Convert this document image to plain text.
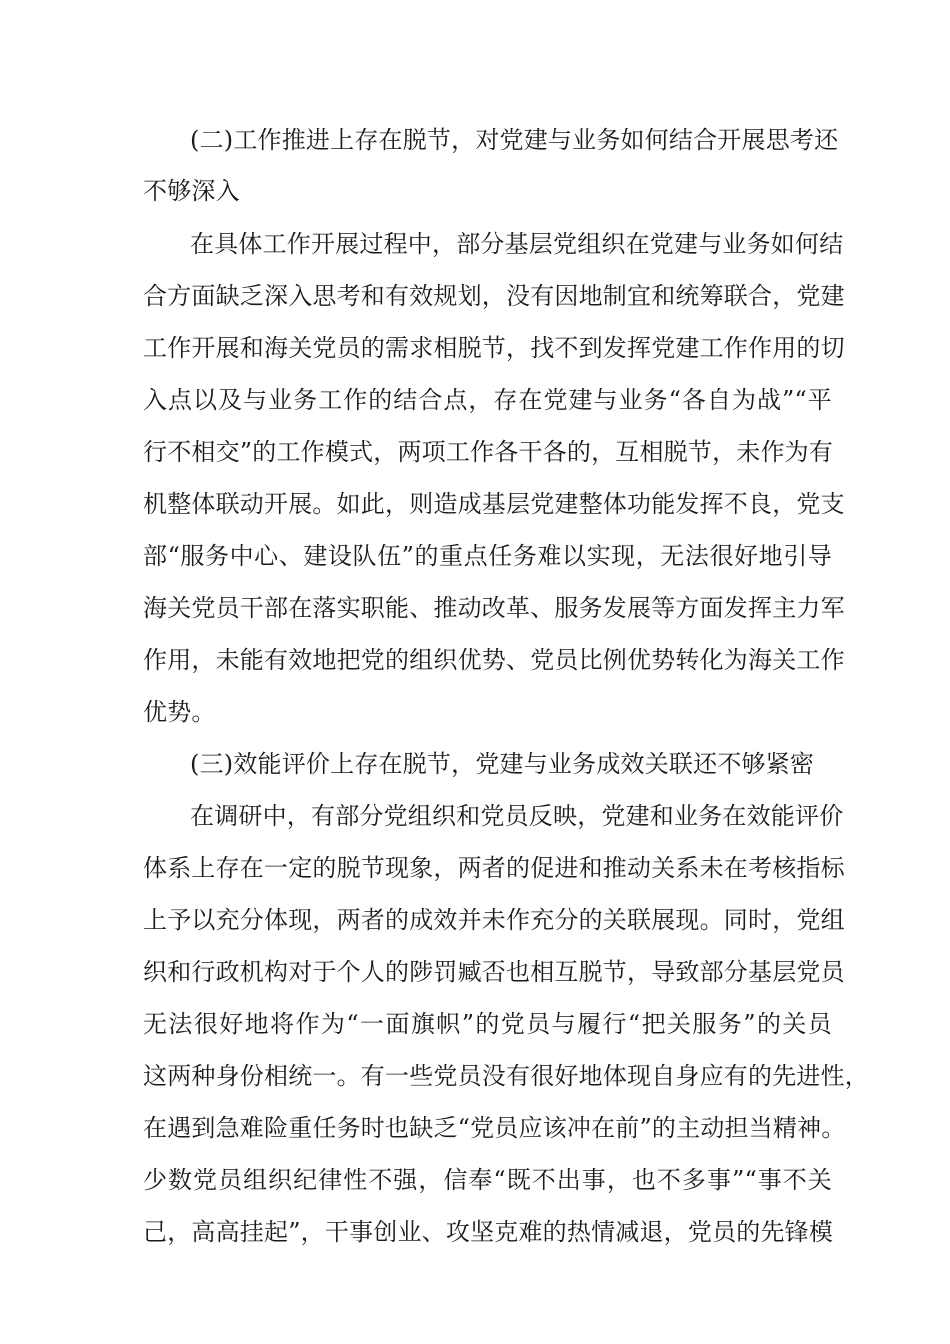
(二)工作推进上存在脱节，对党建与业务如何结合开展思考还
不够深入
在具体工作开展过程中，部分基层党组织在党建与业务如何结
合方面缺乏深入思考和有效规划，没有因地制宜和统筹联合，党建
工作开展和海关党员的需求相脱节，找不到发挥党建工作作用的切
入点以及与业务工作的结合点，存在党建与业务“各自为战”“平
行不相交”的工作模式，两项工作各干各的，互相脱节，未作为有
机整体联动开展。如此，则造成基层党建整体功能发挥不良，党支
部“服务中心、建设队伍”的重点任务难以实现，无法很好地引导
海关党员干部在落实职能、推动改革、服务发展等方面发挥主力军
作用，未能有效地把党的组织优势、党员比例优势转化为海关工作
优势。
(三)效能评价上存在脱节，党建与业务成效关联还不够紧密
在调研中，有部分党组织和党员反映，党建和业务在效能评价
体系上存在一定的脱节现象，两者的促进和推动关系未在考核指标
上予以充分体现，两者的成效并未作充分的关联展现。同时，党组
织和行政机构对于个人的陟罚臧否也相互脱节，导致部分基层党员
无法很好地将作为“一面旗帜”的党员与履行“把关服务”的关员
这两种身份相统一。有一些党员没有很好地体现自身应有的先进性，
在遇到急难险重任务时也缺乏“党员应该冲在前”的主动担当精神。
少数党员组织纪律性不强，信奉“既不出事，也不多事”“事不关
己，高高挂起”，干事创业、攻坚克难的热情减退，党员的先锋模
